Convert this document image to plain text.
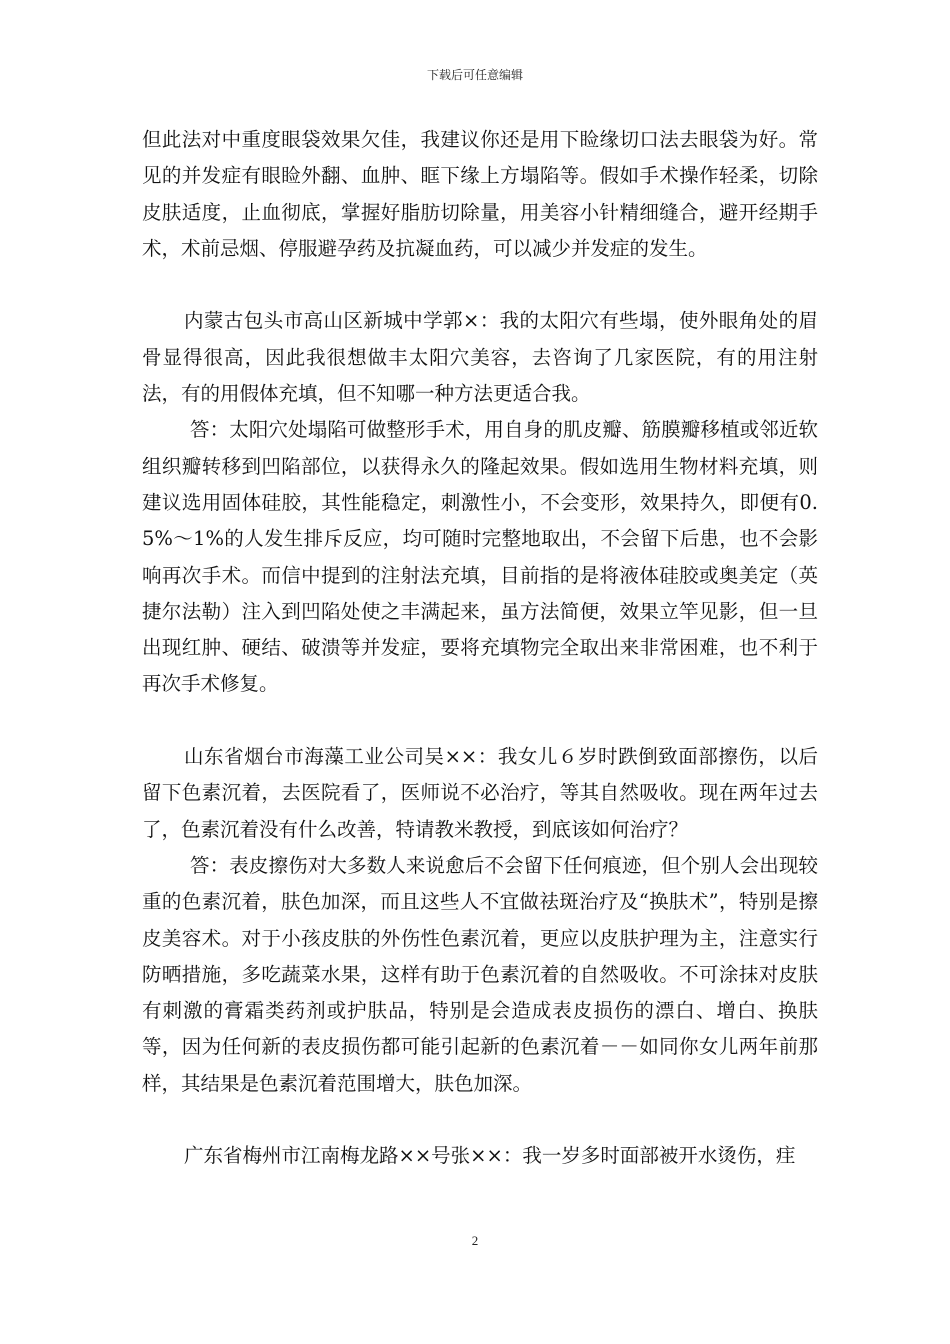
下载后可任意编辑

但此法对中重度眼袋效果欠佳，我建议你还是用下睑缘切口法去眼袋为好。常见的并发症有眼睑外翻、血肿、眶下缘上方塌陷等。假如手术操作轻柔，切除皮肤适度，止血彻底，掌握好脂肪切除量，用美容小针精细缝合，避开经期手术，术前忌烟、停服避孕药及抗凝血药，可以减少并发症的发生。

内蒙古包头市高山区新城中学郭×：我的太阳穴有些塌，使外眼角处的眉骨显得很高，因此我很想做丰太阳穴美容，去咨询了几家医院，有的用注射法，有的用假体充填，但不知哪一种方法更适合我。

答：太阳穴处塌陷可做整形手术，用自身的肌皮瓣、筋膜瓣移植或邻近软组织瓣转移到凹陷部位，以获得永久的隆起效果。假如选用生物材料充填，则建议选用固体硅胶，其性能稳定，刺激性小，不会变形，效果持久，即便有0.5%～1%的人发生排斥反应，均可随时完整地取出，不会留下后患，也不会影响再次手术。而信中提到的注射法充填，目前指的是将液体硅胶或奥美定（英捷尔法勒）注入到凹陷处使之丰满起来，虽方法简便，效果立竿见影，但一旦出现红肿、硬结、破溃等并发症，要将充填物完全取出来非常困难，也不利于再次手术修复。

山东省烟台市海藻工业公司吴××：我女儿６岁时跌倒致面部擦伤，以后留下色素沉着，去医院看了，医师说不必治疗，等其自然吸收。现在两年过去了，色素沉着没有什么改善，特请教米教授，到底该如何治疗？

答：表皮擦伤对大多数人来说愈后不会留下任何痕迹，但个别人会出现较重的色素沉着，肤色加深，而且这些人不宜做祛斑治疗及“换肤术”，特别是擦皮美容术。对于小孩皮肤的外伤性色素沉着，更应以皮肤护理为主，注意实行防晒措施，多吃蔬菜水果，这样有助于色素沉着的自然吸收。不可涂抹对皮肤有刺激的膏霜类药剂或护肤品，特别是会造成表皮损伤的漂白、增白、换肤等，因为任何新的表皮损伤都可能引起新的色素沉着－－如同你女儿两年前那样，其结果是色素沉着范围增大，肤色加深。

广东省梅州市江南梅龙路××号张××：我一岁多时面部被开水烫伤，疰

2
